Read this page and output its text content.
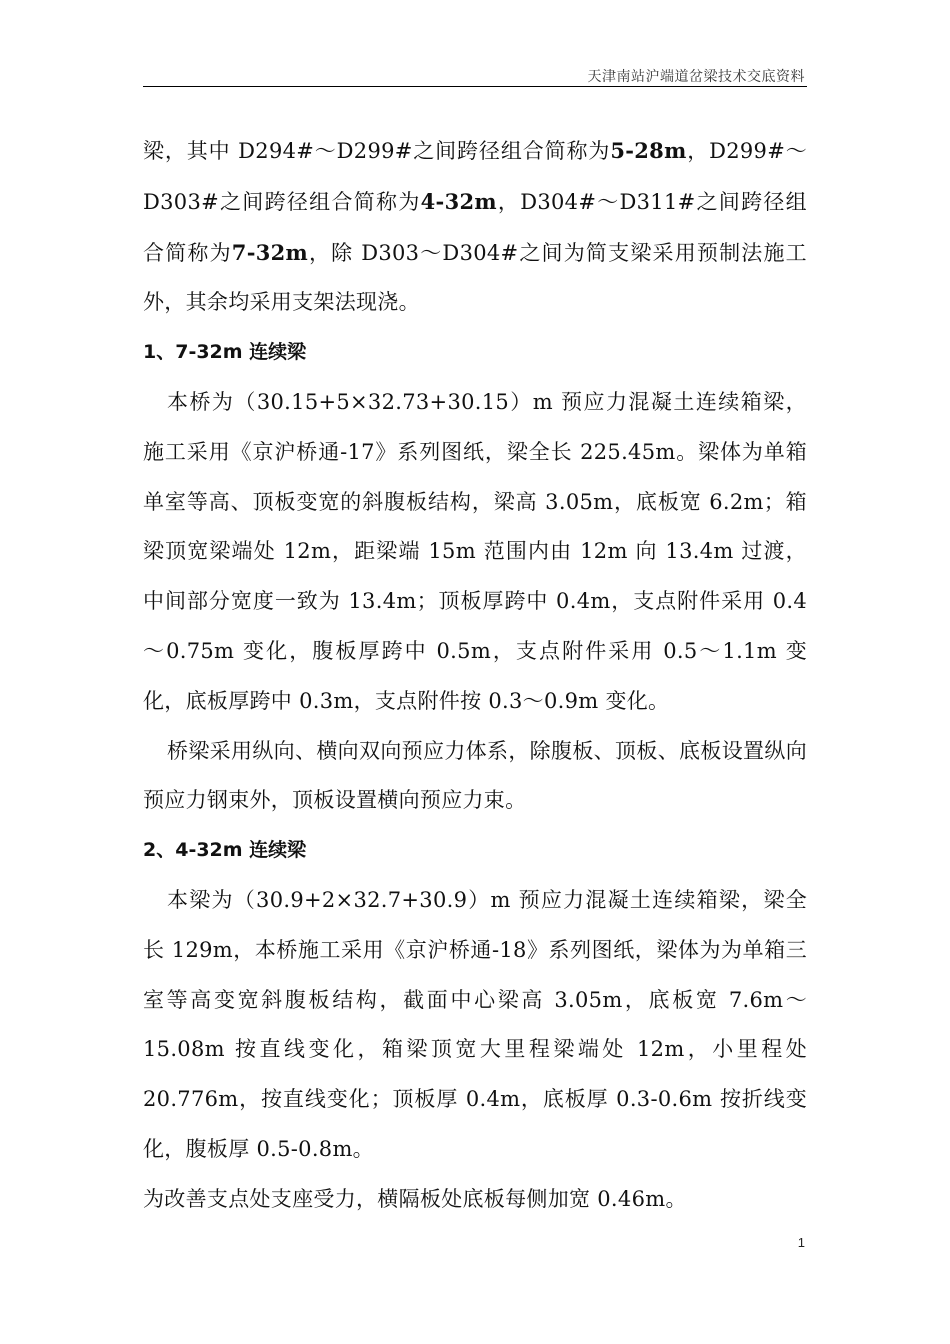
天津南站沪端道岔梁技术交底资料

梁，其中 D294#～D299#之间跨径组合简称为5-28m，D299#～D303#之间跨径组合简称为4-32m，D304#～D311#之间跨径组合简称为7-32m，除 D303～D304#之间为简支梁采用预制法施工外，其余均采用支架法现浇。

1、7-32m 连续梁

本桥为（30.15+5×32.73+30.15）m 预应力混凝土连续箱梁，施工采用《京沪桥通-17》系列图纸，梁全长 225.45m。梁体为单箱单室等高、顶板变宽的斜腹板结构，梁高 3.05m，底板宽 6.2m；箱梁顶宽梁端处 12m，距梁端 15m 范围内由 12m 向 13.4m 过渡，中间部分宽度一致为 13.4m；顶板厚跨中 0.4m，支点附件采用 0.4～0.75m 变化，腹板厚跨中 0.5m，支点附件采用 0.5～1.1m 变化，底板厚跨中 0.3m，支点附件按 0.3～0.9m 变化。

桥梁采用纵向、横向双向预应力体系，除腹板、顶板、底板设置纵向预应力钢束外，顶板设置横向预应力束。

2、4-32m 连续梁

本梁为（30.9+2×32.7+30.9）m 预应力混凝土连续箱梁，梁全长 129m，本桥施工采用《京沪桥通-18》系列图纸，梁体为为单箱三室等高变宽斜腹板结构，截面中心梁高 3.05m，底板宽 7.6m～15.08m 按直线变化，箱梁顶宽大里程梁端处 12m，小里程处 20.776m，按直线变化；顶板厚 0.4m，底板厚 0.3-0.6m 按折线变化，腹板厚 0.5-0.8m。

为改善支点处支座受力，横隔板处底板每侧加宽 0.46m。

1
